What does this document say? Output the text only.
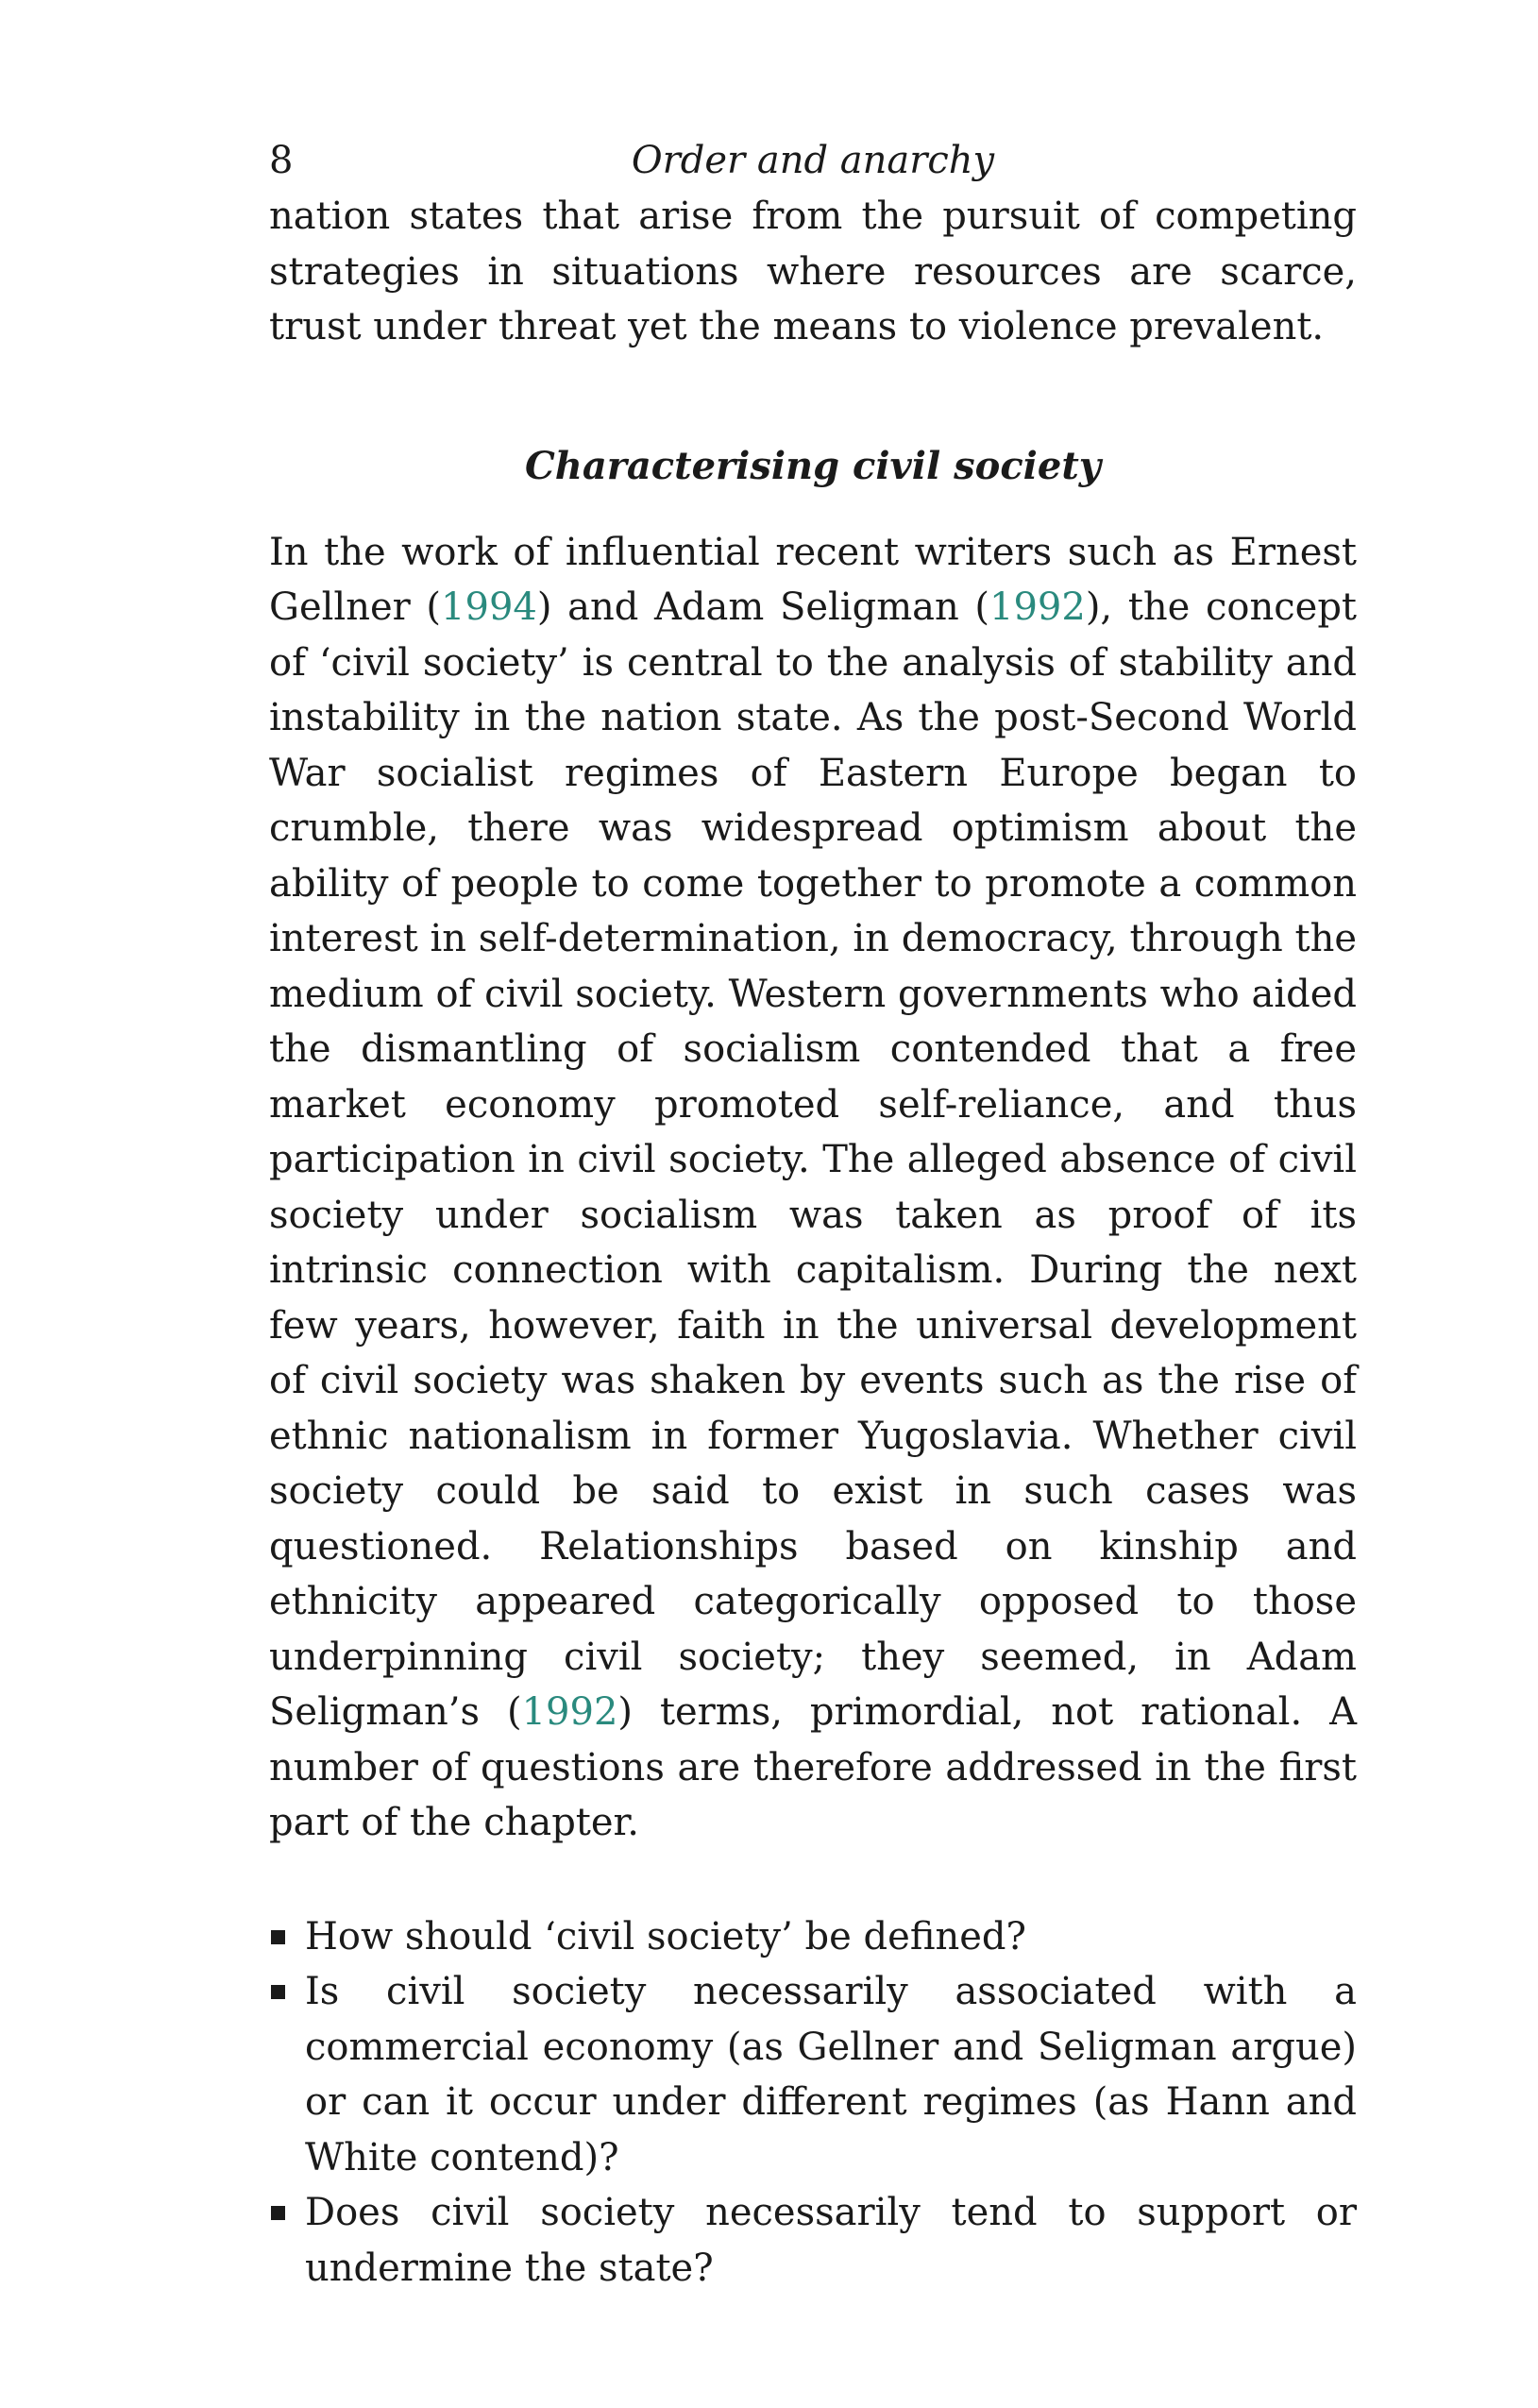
8	Order and anarchy

nation states that arise from the pursuit of competing strategies in situations where resources are scarce, trust under threat yet the means to violence prevalent.

Characterising civil society

In the work of influential recent writers such as Ernest Gellner (1994) and Adam Seligman (1992), the concept of ‘civil society’ is central to the analysis of stability and instability in the nation state. As the post-Second World War socialist regimes of Eastern Europe began to crumble, there was widespread optimism about the ability of people to come together to promote a common interest in self-determination, in democracy, through the medium of civil society. Western governments who aided the dismantling of socialism contended that a free market economy promoted self-reliance, and thus participation in civil society. The alleged absence of civil society under socialism was taken as proof of its intrinsic connection with capitalism. During the next few years, however, faith in the universal development of civil society was shaken by events such as the rise of ethnic nationalism in former Yugoslavia. Whether civil society could be said to exist in such cases was questioned. Relationships based on kinship and ethnicity appeared categorically opposed to those underpinning civil society; they seemed, in Adam Seligman’s (1992) terms, primordial, not rational. A number of questions are therefore addressed in the first part of the chapter.

How should ‘civil society’ be defined?
Is civil society necessarily associated with a commercial economy (as Gellner and Seligman argue) or can it occur under different regimes (as Hann and White contend)?
Does civil society necessarily tend to support or undermine the state?
